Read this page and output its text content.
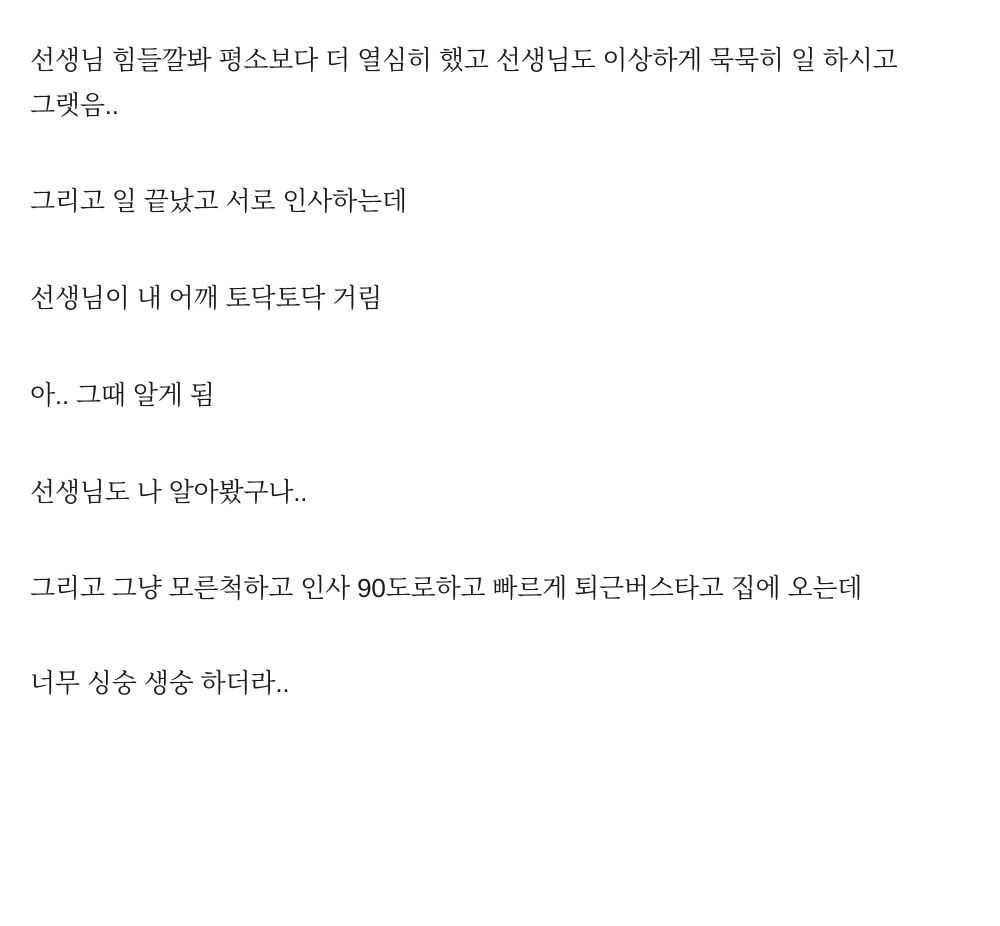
선생님 힘들깔봐 평소보다 더 열심히 했고 선생님도 이상하게 묵묵히 일 하시고 그랫음..

그리고 일 끝났고 서로 인사하는데

선생님이 내 어깨 토닥토닥 거림

아.. 그때 알게 됨

선생님도 나 알아봤구나..

그리고 그냥 모른척하고 인사 90도로하고 빠르게 퇴근버스타고 집에 오는데

너무 싱숭 생숭 하더라..
